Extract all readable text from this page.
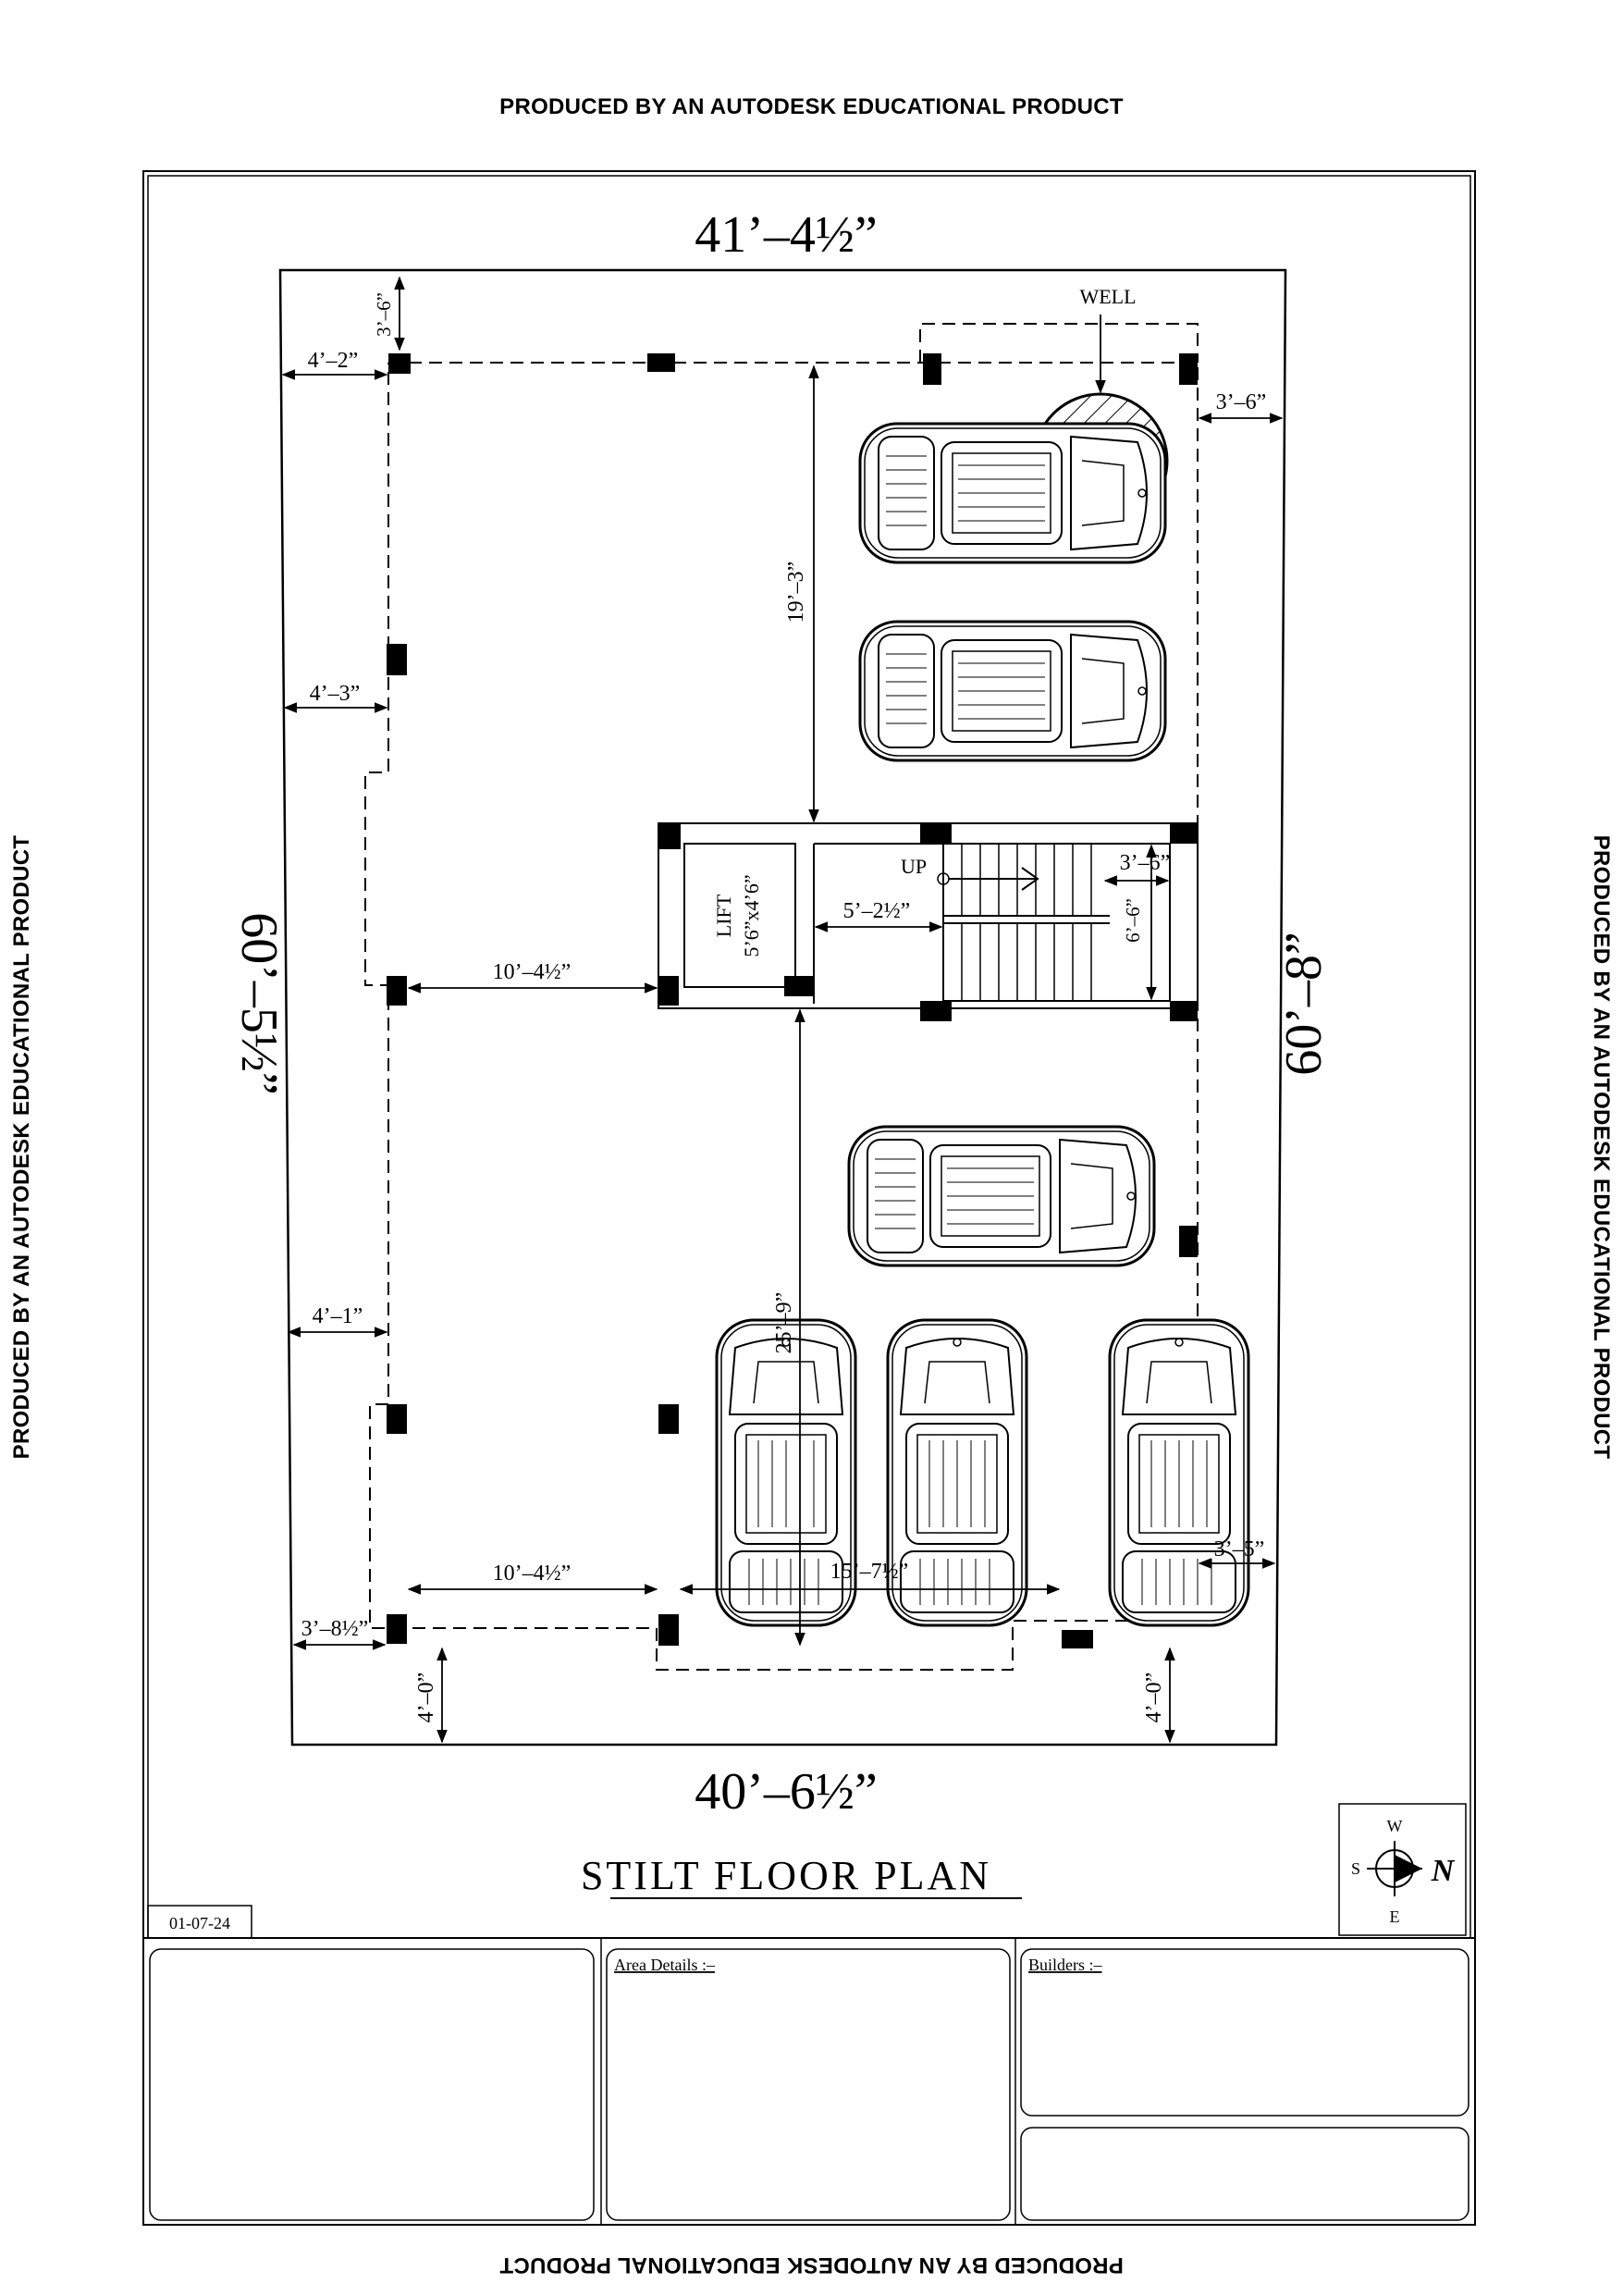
PRODUCED BY AN AUTODESK EDUCATIONAL PRODUCT
PRODUCED BY AN AUTODESK EDUCATIONAL PRODUCT
PRODUCED BY AN AUTODESK EDUCATIONAL PRODUCT	PRODUCED BY AN AUTODESK EDUCATIONAL PRODUCT
41’–4½”
40’–6½”
60’–5½”	60’–8”
3’–6”
4’–2”
4’–3”
19’–3”
3’–6”
10’–4½”
5’–2½”
3’–6”
6’–6”
4’–1”	25’–9”
10’–4½”	15’–7½”
3’–5”
3’–8½”
4’–0”	4’–0”
WELL
LIFT 5’6”x4’6”
UP
STILT FLOOR PLAN
01-07-24
W
S
E
N
Area Details :–	Builders :–
